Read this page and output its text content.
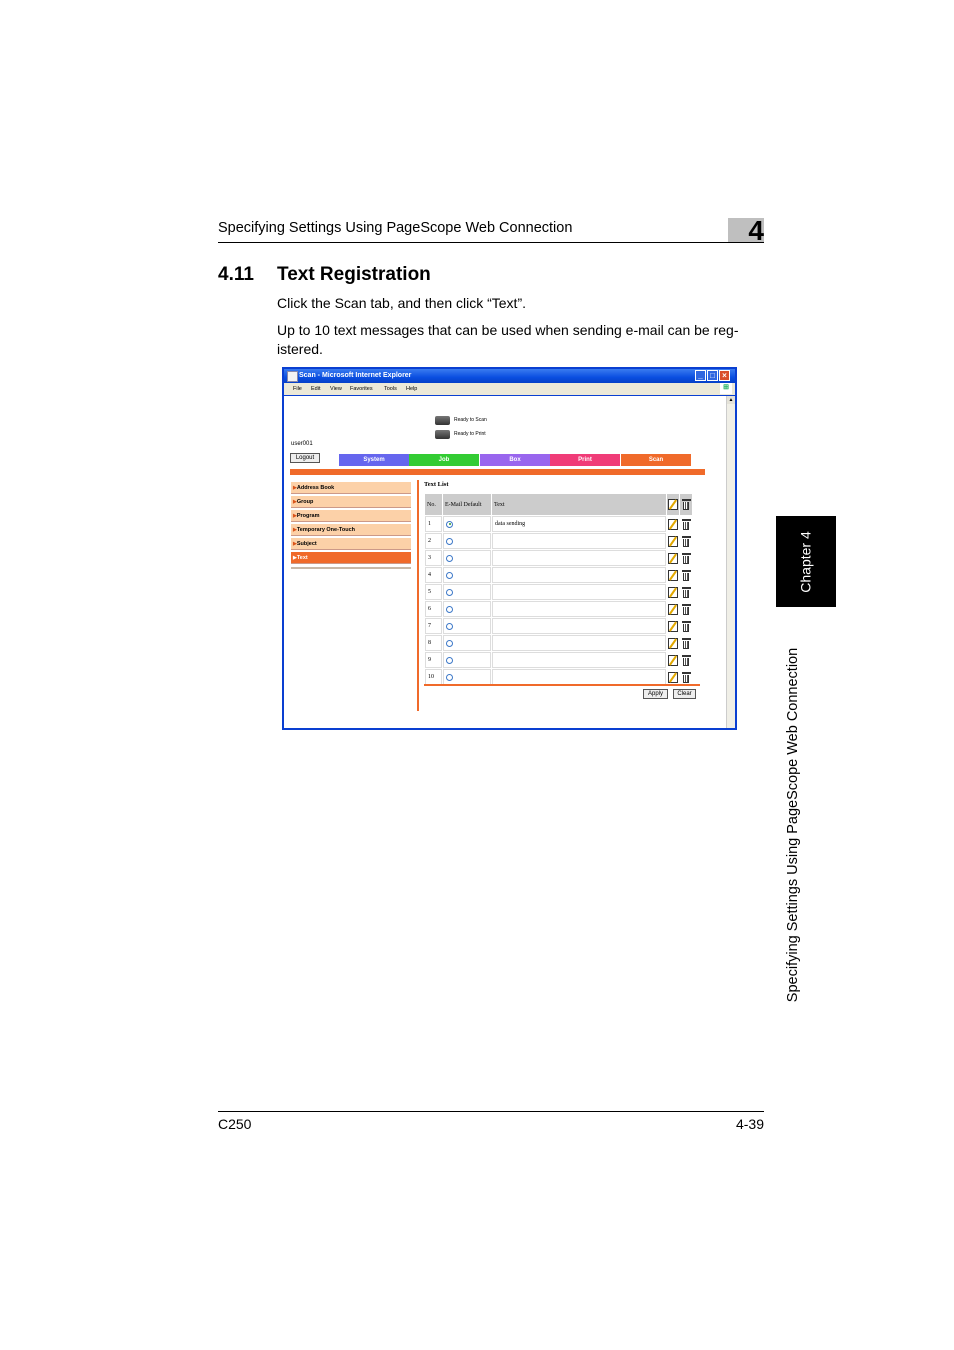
Specifying Settings Using PageScope Web Connection	4
4.11 Text Registration
Click the Scan tab, and then click “Text”.
Up to 10 text messages that can be used when sending e-mail can be reg-istered.
Chapter 4
Specifying Settings Using PageScope Web Connection
C250	4-39
Scan - Microsoft Internet Explorer	_ □ ×
File Edit View Favorites Tools Help	⊞
▲
Ready to Scan
Ready to Print
user001
Logout	System	Job	Box	Print	Scan
▶Address Book
▶Group
▶Program
▶Temporary One-Touch
▶Subject
▶Text
Text List
No.	E-Mail Default	Text		
1		data sending		
2				
3				
4				
5				
6				
7				
8				
9				
10				
Apply	Clear
